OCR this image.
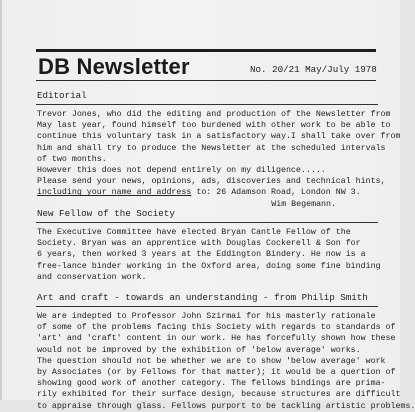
DB Newsletter	No. 20/21 May/July 1978
Editorial
Trevor Jones, who did the editing and production of the Newsletter from
May last year, found himself too burdened with other work to be able to
continue this voluntary task in a satisfactory way.I shall take over from
him and shall try to produce the Newsletter at the scheduled intervals
of two months.
However this does not depend entirely on my diligence.....
Please send your news, opinions, ads, discoveries and technical hints,
including your name and address to: 26 Adamson Road, London NW 3.
Wim Begemann.
New Fellow of the Society
The Executive Committee have elected Bryan Cantle Fellow of the
Society. Bryan was an apprentice with Douglas Cockerell & Son for
6 years, then worked 3 years at the Eddington Bindery. He now is a
free-lance binder working in the Oxford area, doing some fine binding
and conservation work.
Art and craft - towards an understanding - from Philip Smith
We are indepted to Professor John Szirmai for his masterly rationale
of some of the problems facing this Society with regards to standards of
'art' and 'craft' content in our work. He has forcefully shown how these
would not be improved by the exhibition of 'below average' works.
The question should not be whether we are to show 'below average' work
by Associates (or by Fellows for that matter); it would be a quertion of
showing good work of another category. The fellows bindings are prima-
rily exhibited for their surface design, because structures are difficult
to appraise through glass. Fellows purport to be tackling artistic problems.
